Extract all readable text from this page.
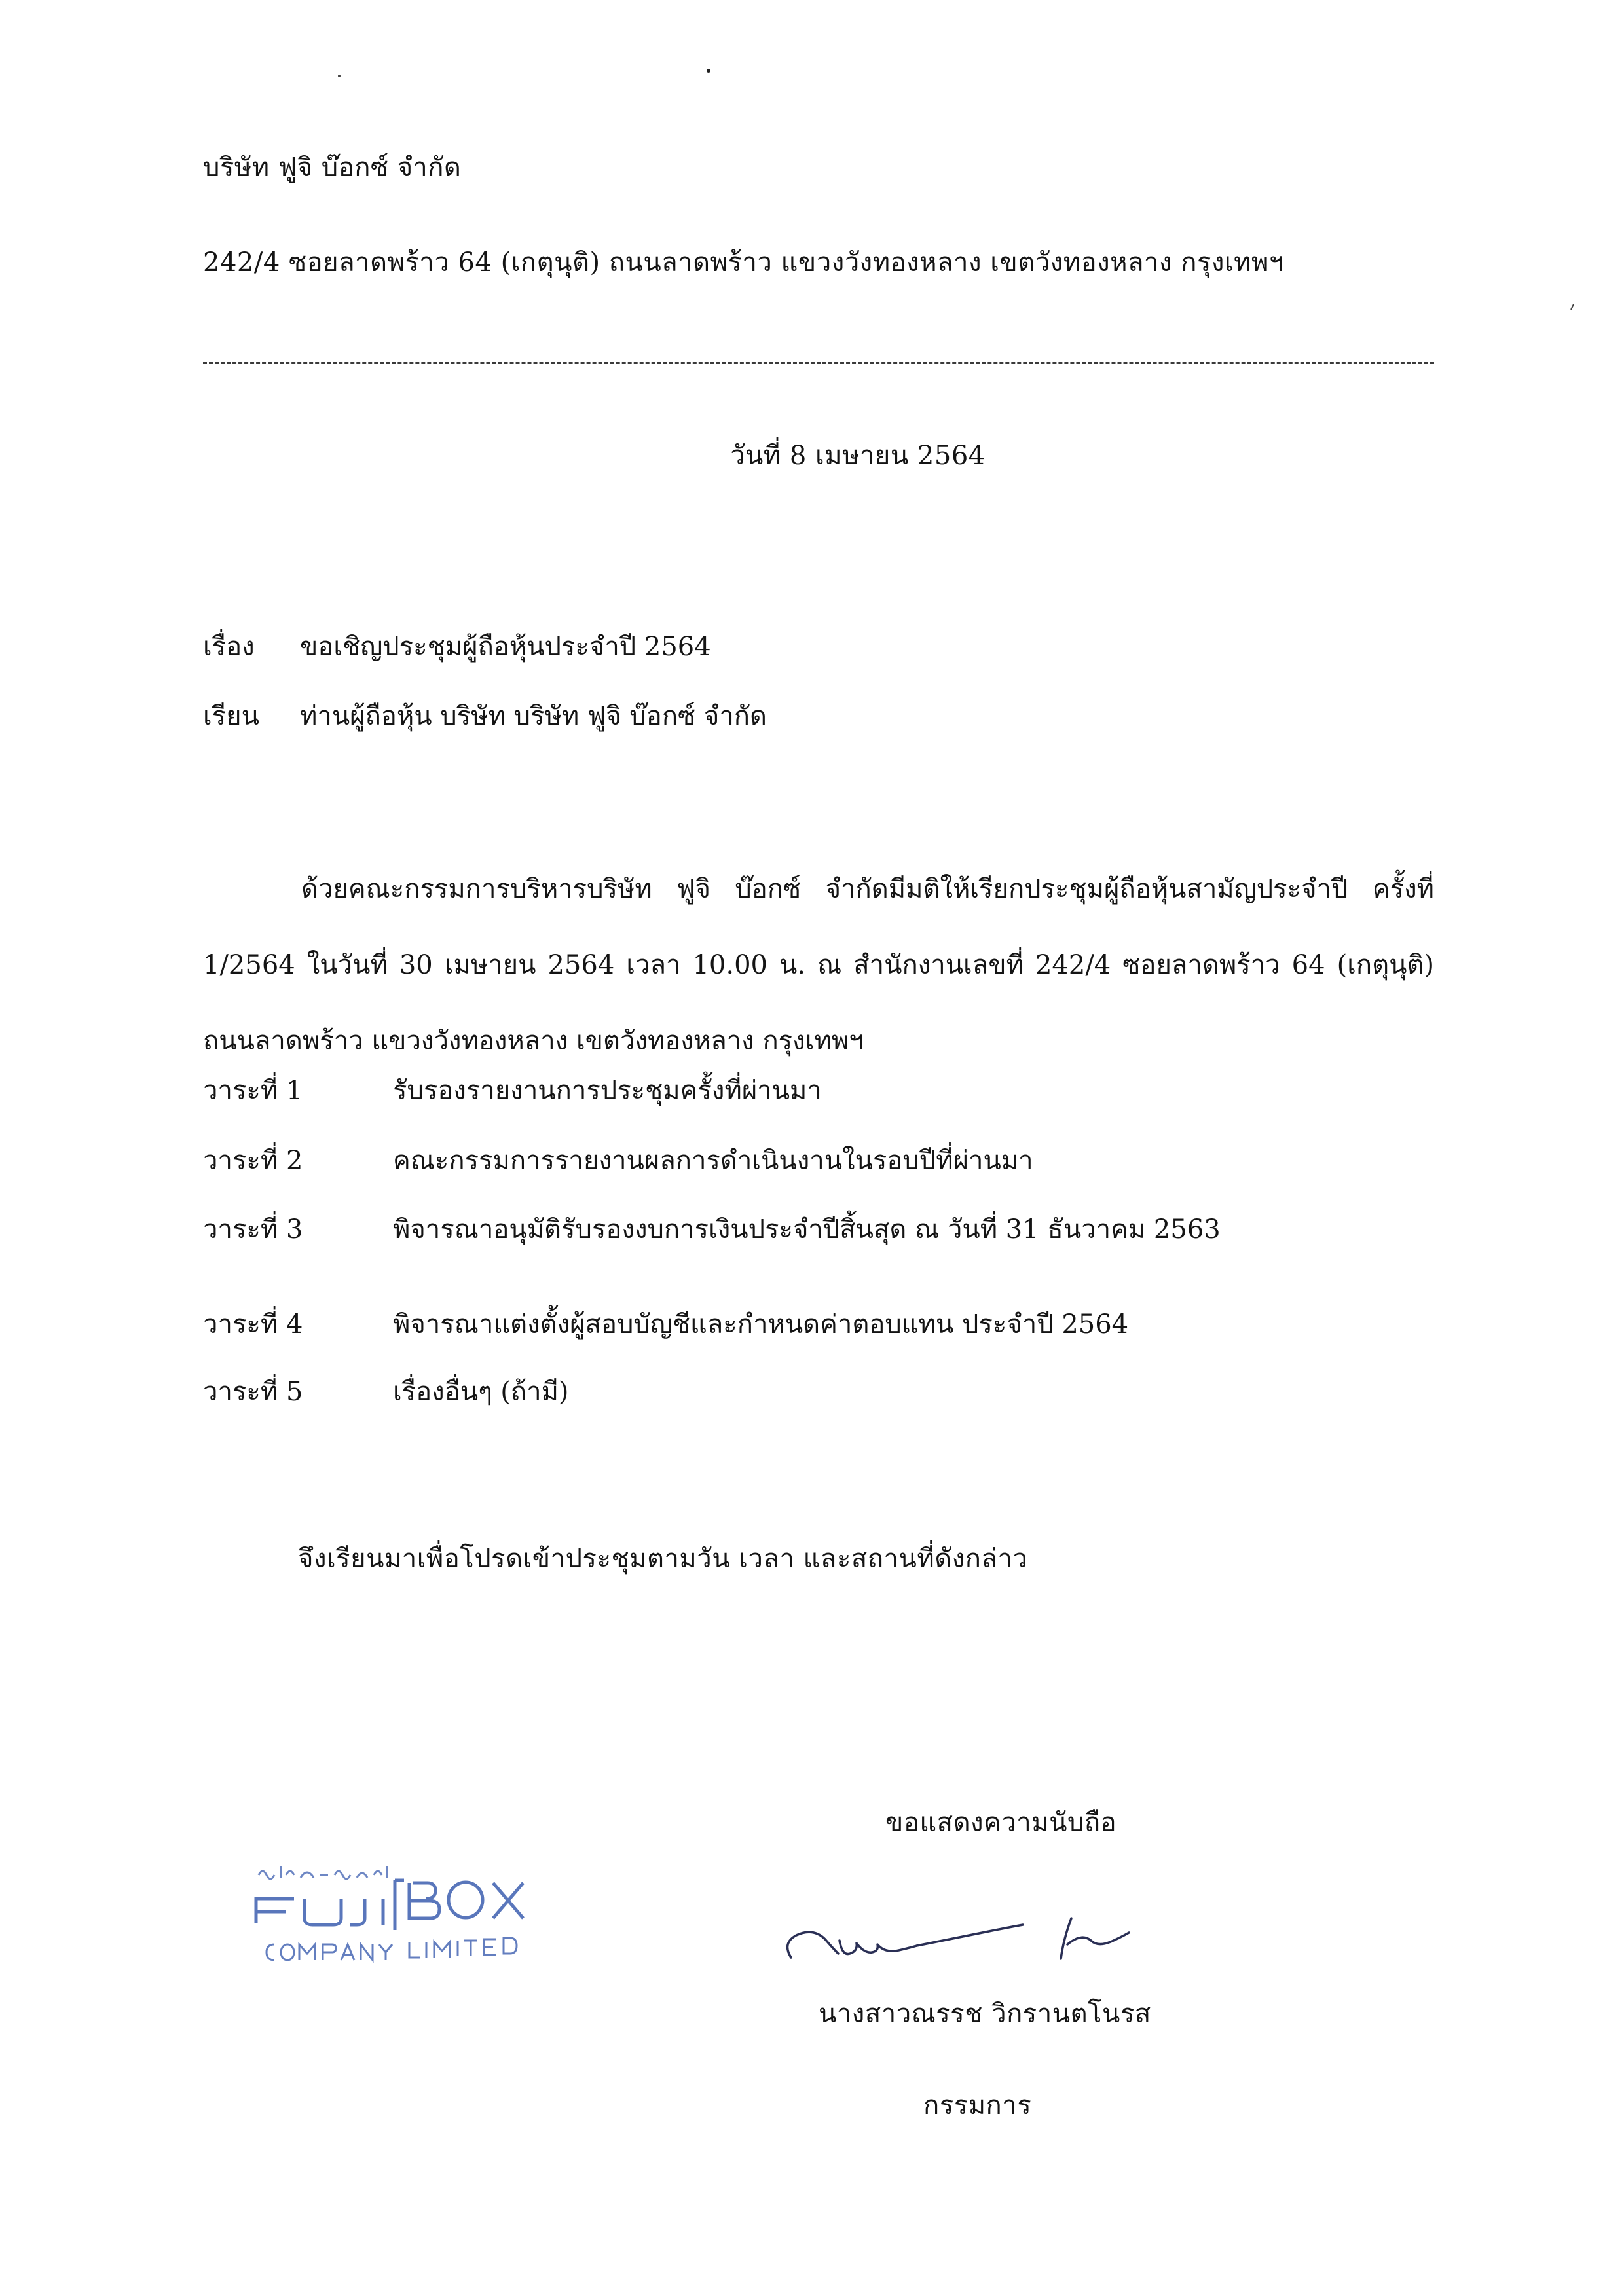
บริษัท ฟูจิ บ๊อกซ์ จำกัด
242/4 ซอยลาดพร้าว 64 (เกตุนุติ) ถนนลาดพร้าว แขวงวังทองหลาง เขตวังทองหลาง กรุงเทพฯ
วันที่ 8 เมษายน 2564
เรื่อง ขอเชิญประชุมผู้ถือหุ้นประจำปี 2564
เรียน ท่านผู้ถือหุ้น บริษัท บริษัท ฟูจิ บ๊อกซ์ จำกัด
ด้วยคณะกรรมการบริหารบริษัท ฟูจิ บ๊อกซ์ จำกัดมีมติให้เรียกประชุมผู้ถือหุ้นสามัญประจำปี ครั้งที่ 1/2564 ในวันที่ 30 เมษายน 2564 เวลา 10.00 น. ณ สำนักงานเลขที่ 242/4 ซอยลาดพร้าว 64 (เกตุนุติ) ถนนลาดพร้าว แขวงวังทองหลาง เขตวังทองหลาง กรุงเทพฯ
วาระที่ 1	รับรองรายงานการประชุมครั้งที่ผ่านมา
วาระที่ 2	คณะกรรมการรายงานผลการดำเนินงานในรอบปีที่ผ่านมา
วาระที่ 3	พิจารณาอนุมัติรับรองงบการเงินประจำปีสิ้นสุด ณ วันที่ 31 ธันวาคม 2563
วาระที่ 4	พิจารณาแต่งตั้งผู้สอบบัญชีและกำหนดค่าตอบแทน ประจำปี 2564
วาระที่ 5	เรื่องอื่นๆ (ถ้ามี)
จึงเรียนมาเพื่อโปรดเข้าประชุมตามวัน เวลา และสถานที่ดังกล่าว
ขอแสดงความนับถือ
นางสาวณรรช วิกรานตโนรส
กรรมการ
